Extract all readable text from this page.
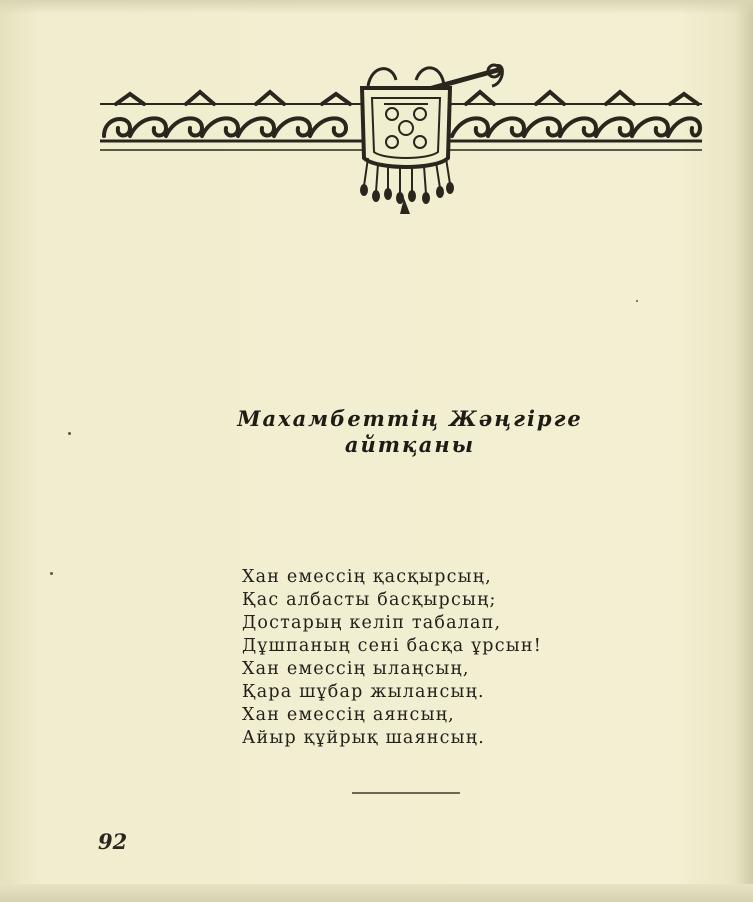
Махамбеттің Жәңгірге
айтқаны
Хан емессің қасқырсың,
Қас албасты басқырсың;
Достарың келіп табалап,
Дұшпаның сені басқа ұрсын!
Хан емессің ылаңсың,
Қара шұбар жылансың.
Хан емессің аянсың,
Айыр құйрық шаянсың.
92
